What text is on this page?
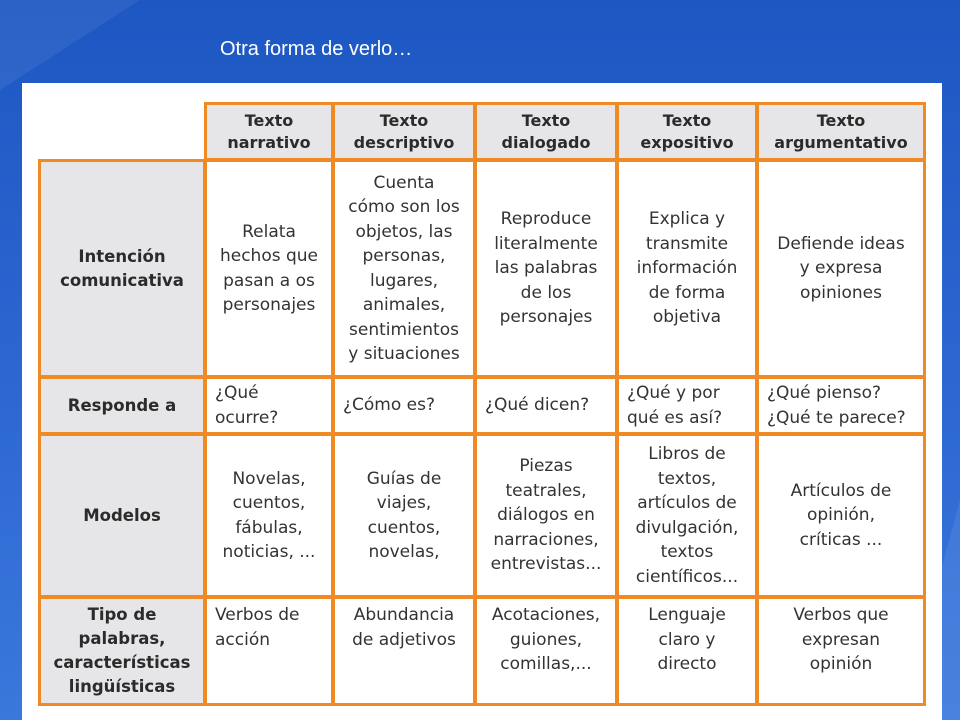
Otra forma de verlo…
Texto
narrativo
Texto
descriptivo
Texto
dialogado
Texto
expositivo
Texto
argumentativo
Intención
comunicativa
Relata
hechos que
pasan a os
personajes
Cuenta
cómo son los
objetos, las
personas,
lugares,
animales,
sentimientos
y situaciones
Reproduce
literalmente
las palabras
de los
personajes
Explica y
transmite
información
de forma
objetiva
Defiende ideas
y expresa
opiniones
Responde a
¿Qué
ocurre?
¿Cómo es?	¿Qué dicen?
¿Qué y por
qué es así?
¿Qué pienso?
¿Qué te parece?
Modelos
Novelas,
cuentos,
fábulas,
noticias, ...
Guías de
viajes,
cuentos,
novelas,
Piezas
teatrales,
diálogos en
narraciones,
entrevistas...
Libros de
textos,
artículos de
divulgación,
textos
científicos...
Artículos de
opinión,
críticas ...
Tipo de
palabras,
características
lingüísticas
Verbos de
acción
Abundancia
de adjetivos
Acotaciones,
guiones,
comillas,...
Lenguaje
claro y
directo
Verbos que
expresan
opinión
